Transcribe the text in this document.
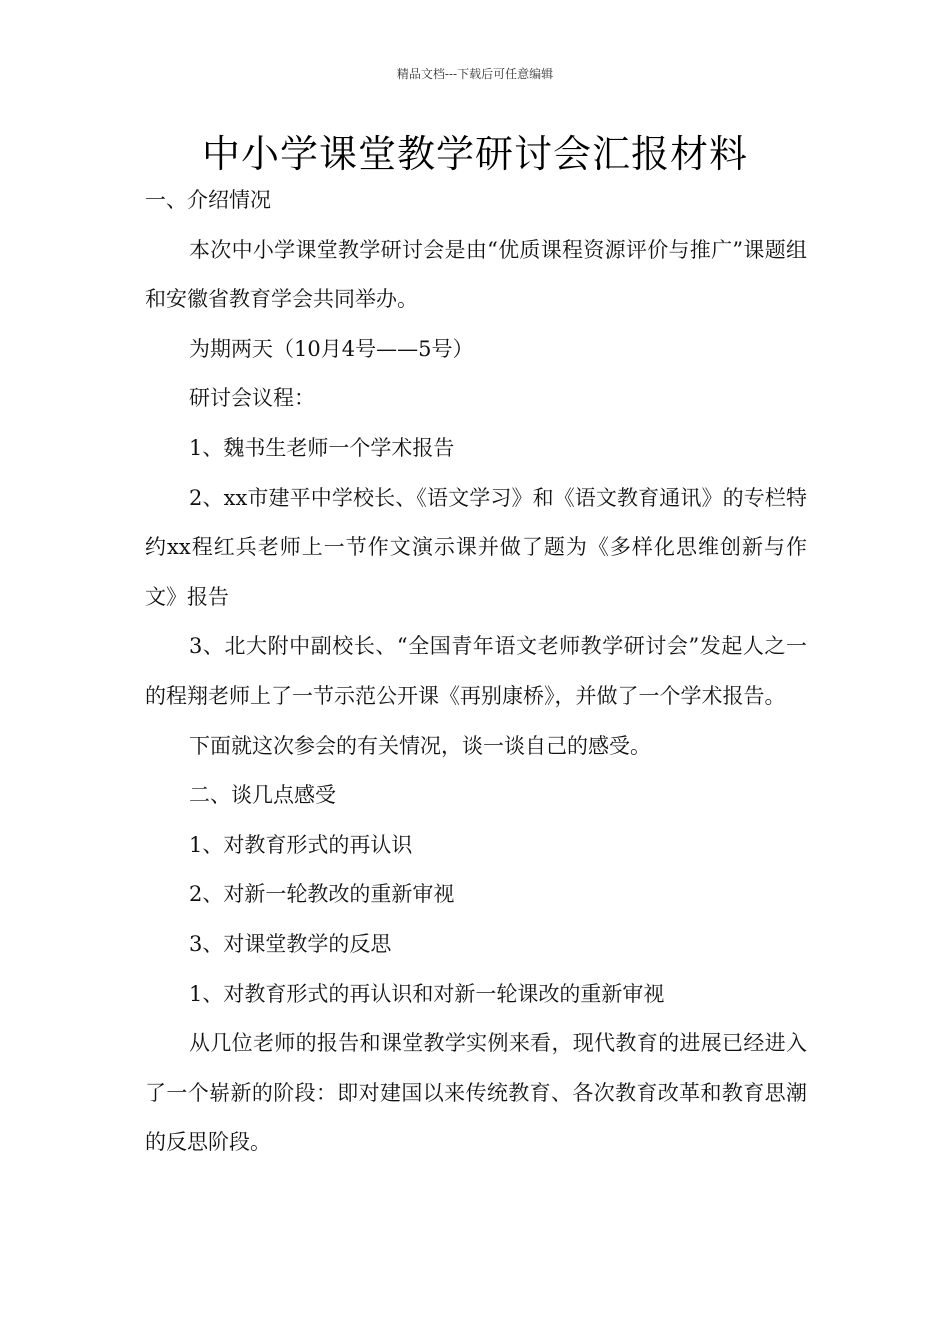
精品文档---下载后可任意编辑
中小学课堂教学研讨会汇报材料

一、介绍情况

本次中小学课堂教学研讨会是由“优质课程资源评价与推广”课题组和安徽省教育学会共同举办。

为期两天（10月4号——5号）

研讨会议程：

1、魏书生老师一个学术报告

2、xx市建平中学校长、《语文学习》和《语文教育通讯》的专栏特约xx程红兵老师上一节作文演示课并做了题为《多样化思维创新与作文》报告

3、北大附中副校长、“全国青年语文老师教学研讨会”发起人之一的程翔老师上了一节示范公开课《再别康桥》，并做了一个学术报告。

下面就这次参会的有关情况，谈一谈自己的感受。

二、谈几点感受

1、对教育形式的再认识

2、对新一轮教改的重新审视

3、对课堂教学的反思

1、对教育形式的再认识和对新一轮课改的重新审视

从几位老师的报告和课堂教学实例来看，现代教育的进展已经进入了一个崭新的阶段：即对建国以来传统教育、各次教育改革和教育思潮的反思阶段。
